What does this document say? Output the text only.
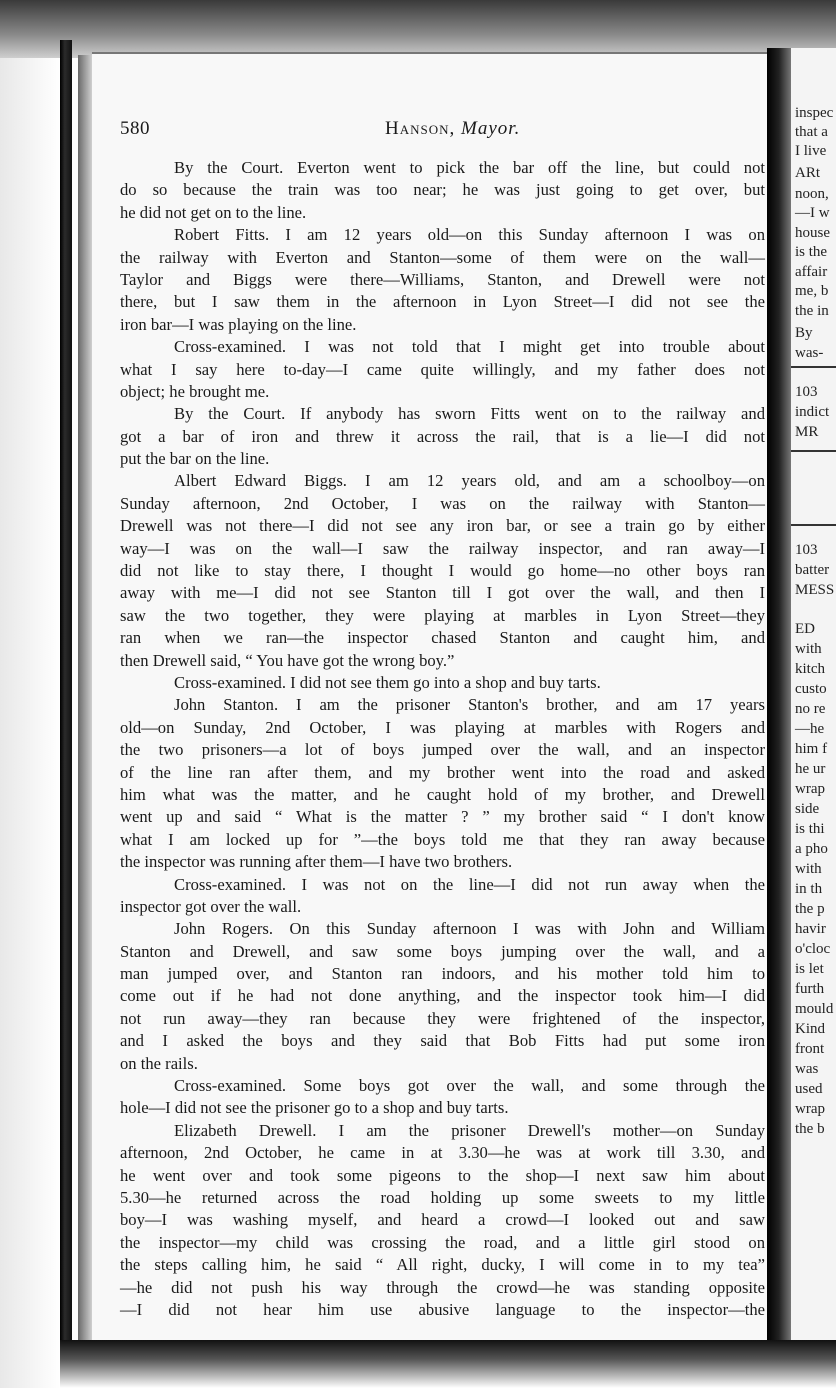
inspec
that a
I live
ARt
noon,
—I w
house
is the
affair
me, b
the in
By
was-
103
indict
MR
103
batter
MESS
ED
with
kitch
custo
no re
—he
him f
he ur
wrap
side
is thi
a pho
with
in th
the p
havir
o'cloc
is let
furth
mould
Kind
front
was
used
wrap
the b
580	Hanson, Mayor.
By the Court. Everton went to pick the bar off the line, but could not
do so because the train was too near; he was just going to get over, but
he did not get on to the line.
Robert Fitts. I am 12 years old—on this Sunday afternoon I was on
the railway with Everton and Stanton—some of them were on the wall—
Taylor and Biggs were there—Williams, Stanton, and Drewell were not
there, but I saw them in the afternoon in Lyon Street—I did not see the
iron bar—I was playing on the line.
Cross-examined. I was not told that I might get into trouble about
what I say here to-day—I came quite willingly, and my father does not
object; he brought me.
By the Court. If anybody has sworn Fitts went on to the railway and
got a bar of iron and threw it across the rail, that is a lie—I did not
put the bar on the line.
Albert Edward Biggs. I am 12 years old, and am a schoolboy—on
Sunday afternoon, 2nd October, I was on the railway with Stanton—
Drewell was not there—I did not see any iron bar, or see a train go by either
way—I was on the wall—I saw the railway inspector, and ran away—I
did not like to stay there, I thought I would go home—no other boys ran
away with me—I did not see Stanton till I got over the wall, and then I
saw the two together, they were playing at marbles in Lyon Street—they
ran when we ran—the inspector chased Stanton and caught him, and
then Drewell said, “ You have got the wrong boy.”
Cross-examined. I did not see them go into a shop and buy tarts.
John Stanton. I am the prisoner Stanton's brother, and am 17 years
old—on Sunday, 2nd October, I was playing at marbles with Rogers and
the two prisoners—a lot of boys jumped over the wall, and an inspector
of the line ran after them, and my brother went into the road and asked
him what was the matter, and he caught hold of my brother, and Drewell
went up and said “ What is the matter ? ” my brother said “ I don't know
what I am locked up for ”—the boys told me that they ran away because
the inspector was running after them—I have two brothers.
Cross-examined. I was not on the line—I did not run away when the
inspector got over the wall.
John Rogers. On this Sunday afternoon I was with John and William
Stanton and Drewell, and saw some boys jumping over the wall, and a
man jumped over, and Stanton ran indoors, and his mother told him to
come out if he had not done anything, and the inspector took him—I did
not run away—they ran because they were frightened of the inspector,
and I asked the boys and they said that Bob Fitts had put some iron
on the rails.
Cross-examined. Some boys got over the wall, and some through the
hole—I did not see the prisoner go to a shop and buy tarts.
Elizabeth Drewell. I am the prisoner Drewell's mother—on Sunday
afternoon, 2nd October, he came in at 3.30—he was at work till 3.30, and
he went over and took some pigeons to the shop—I next saw him about
5.30—he returned across the road holding up some sweets to my little
boy—I was washing myself, and heard a crowd—I looked out and saw
the inspector—my child was crossing the road, and a little girl stood on
the steps calling him, he said “ All right, ducky, I will come in to my tea”
—he did not push his way through the crowd—he was standing opposite
—I did not hear him use abusive language to the inspector—the
